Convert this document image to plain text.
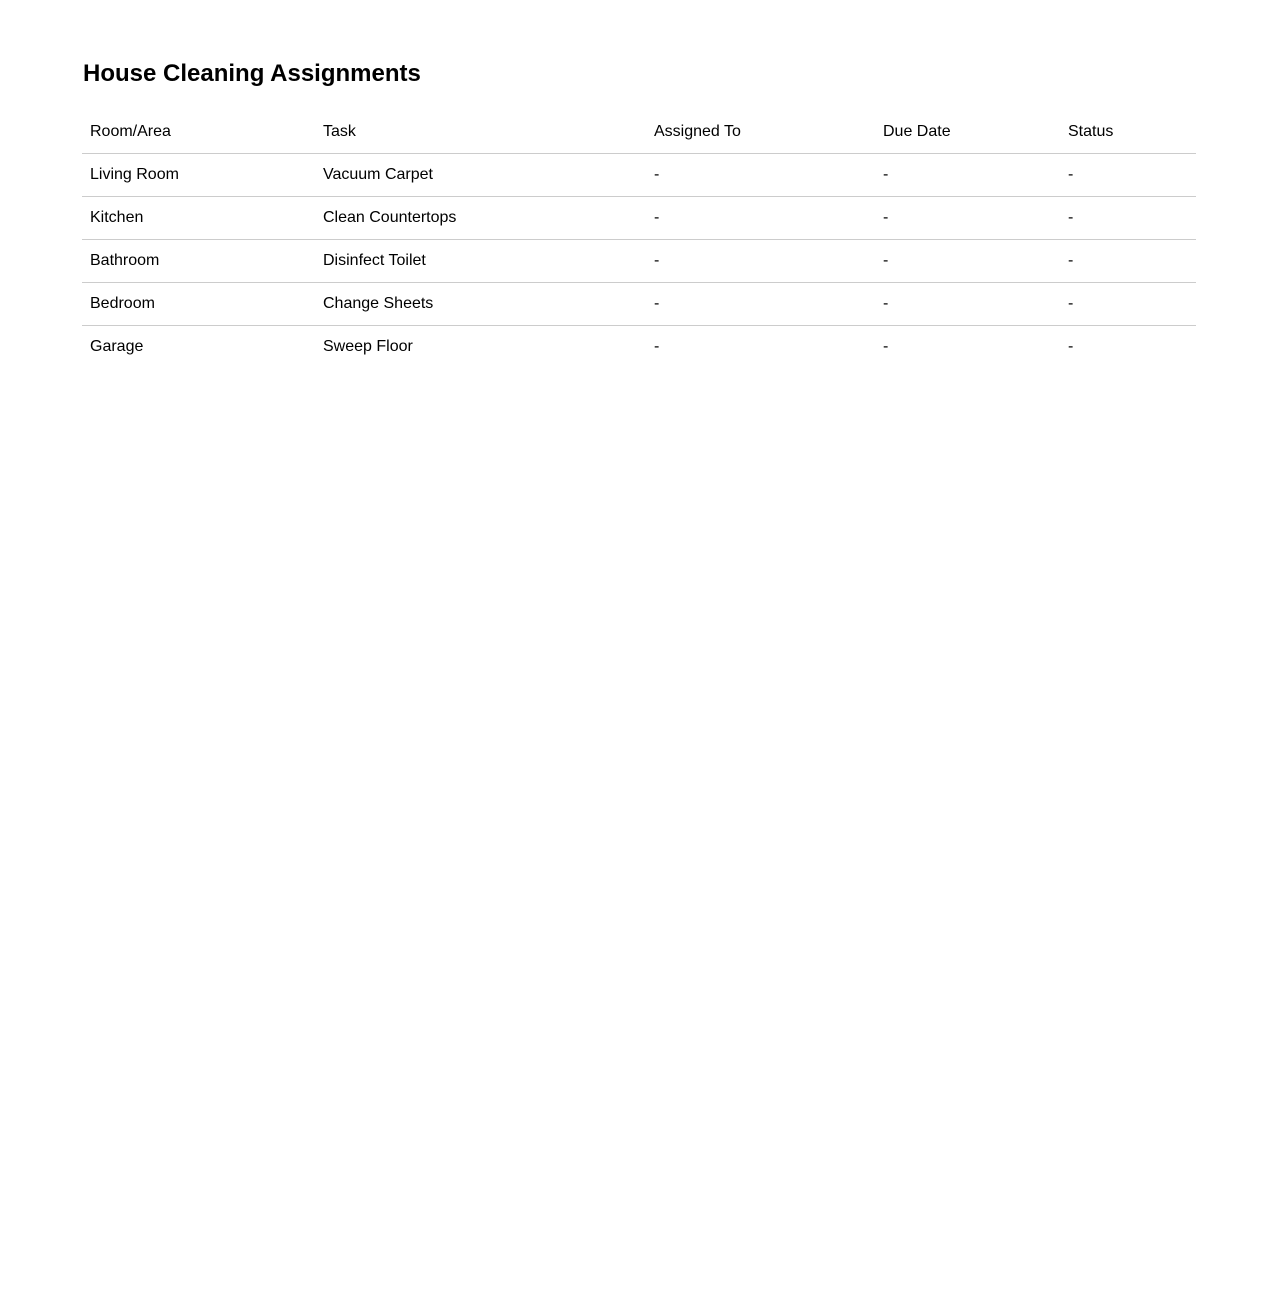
House Cleaning Assignments
Room/Area	Task	Assigned To	Due Date	Status
Living Room	Vacuum Carpet	-	-	-
Kitchen	Clean Countertops	-	-	-
Bathroom	Disinfect Toilet	-	-	-
Bedroom	Change Sheets	-	-	-
Garage	Sweep Floor	-	-	-
